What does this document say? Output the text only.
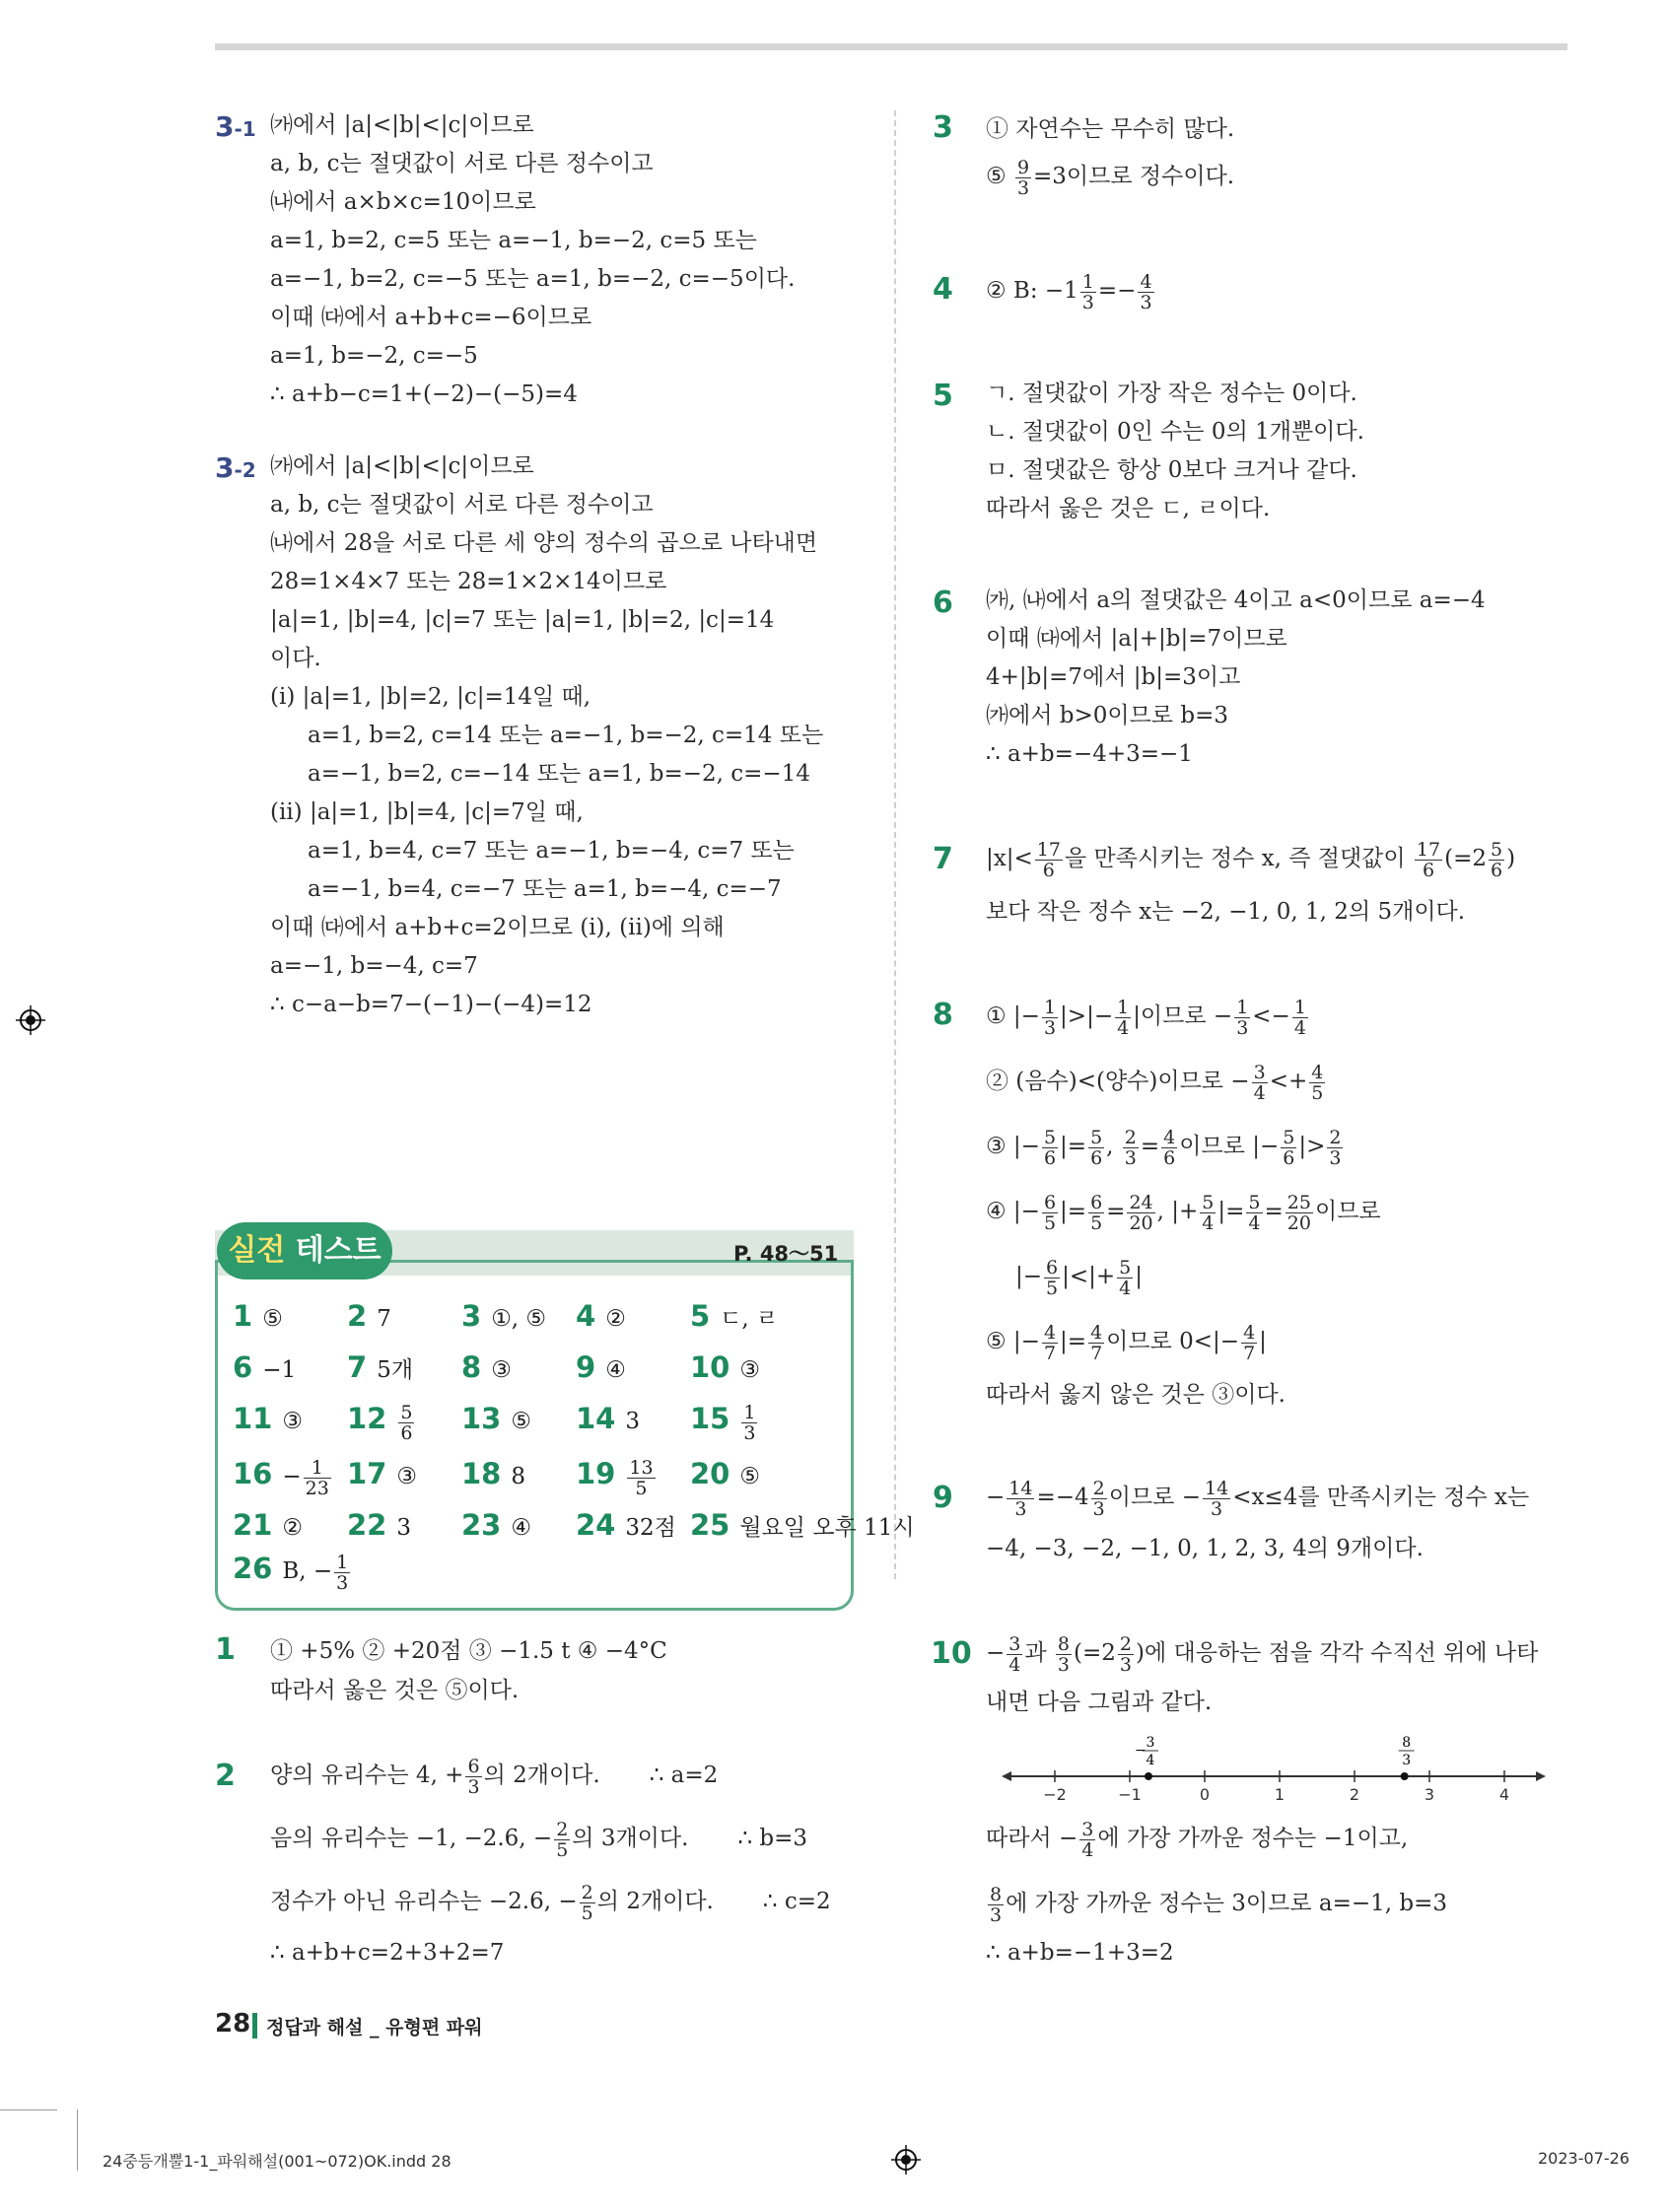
3-1 ㈎에서 |a|<|b|<|c|이므로
a, b, c는 절댓값이 서로 다른 정수이고
㈏에서 a×b×c=10이므로
a=1, b=2, c=5 또는 a=−1, b=−2, c=5 또는
a=−1, b=2, c=−5 또는 a=1, b=−2, c=−5이다.
이때 ㈐에서 a+b+c=−6이므로
a=1, b=−2, c=−5
∴ a+b−c=1+(−2)−(−5)=4
3-2 ㈎에서 |a|<|b|<|c|이므로
a, b, c는 절댓값이 서로 다른 정수이고
㈏에서 28을 서로 다른 세 양의 정수의 곱으로 나타내면
28=1×4×7 또는 28=1×2×14이므로
|a|=1, |b|=4, |c|=7 또는 |a|=1, |b|=2, |c|=14
이다.
(i) |a|=1, |b|=2, |c|=14일 때,
a=1, b=2, c=14 또는 a=−1, b=−2, c=14 또는
a=−1, b=2, c=−14 또는 a=1, b=−2, c=−14
(ii) |a|=1, |b|=4, |c|=7일 때,
a=1, b=4, c=7 또는 a=−1, b=−4, c=7 또는
a=−1, b=4, c=−7 또는 a=1, b=−4, c=−7
이때 ㈐에서 a+b+c=2이므로 (i), (ii)에 의해
a=−1, b=−4, c=7
∴ c−a−b=7−(−1)−(−4)=12
실전 테스트	P. 48～51
1 ⑤ 2 7 3 ①, ⑤ 4 ② 5 ㄷ, ㄹ
6 −1 7 5개 8 ③ 9 ④ 10 ③
11 ③ $12 \frac{5}{6} 13$ ⑤ 14 3 $15 \frac{1}{3}$
$16 - \frac{1}{23} 17$ ③ 18 8 $19 \frac{13}{5} 20$ ⑤
21 ② 22 3 23 ④ 24 32점 25 월요일 오후 11시
26 B, − $\frac{1}{3}$
1 ① +5% ② +20점 ③ −1.5 t ④ −4°C
따라서 옳은 것은 ⑤이다.
2 양의 유리수는 4, + $\frac{6}{3}$ 의 2개이다. ∴ a=2
음의 유리수는 −1, −2.6, − $\frac{2}{5}$ 의 3개이다. ∴ b=3
정수가 아닌 유리수는 −2.6, − $\frac{2}{5}$ 의 2개이다. ∴ c=2
∴ a+b+c=2+3+2=7
3 ① 자연수는 무수히 많다.
⑤ $\frac{9}{3} =3$이므로 정수이다.
4 ② B: $-1 \frac{1}{3} =- \frac{4}{3}$
5 ㄱ. 절댓값이 가장 작은 정수는 0이다.
ㄴ. 절댓값이 0인 수는 0의 1개뿐이다.
ㅁ. 절댓값은 항상 0보다 크거나 같다.
따라서 옳은 것은 ㄷ, ㄹ이다.
6 ㈎, ㈏에서 a의 절댓값은 4이고 a<0이므로 a=−4
이때 ㈐에서 |a|+|b|=7이므로
4+|b|=7에서 |b|=3이고
㈎에서 b>0이므로 b=3
∴ a+b=−4+3=−1
7 $|x|< \frac{17}{6}$ 을 만족시키는 정수 x, 즉 절댓값이 $\frac{17}{6} (=2 \frac{5}{6}$ )
보다 작은 정수 x는 −2, −1, 0, 1, 2의 5개이다.
8 ① |− $\frac{1}{3}$ |>|− $\frac{1}{4}$ |이므로 − $\frac{1}{3} <- \frac{1}{4}$
② (음수)<(양수)이므로 − $\frac{3}{4} <+ \frac{4}{5}$
③ |− $\frac{5}{6}$ |= $\frac{5}{6}$ , $\frac{2}{3} = \frac{4}{6}$ 이므로 |− $\frac{5}{6}$ |> $\frac{2}{3}$
④ |− $\frac{6}{5}$ |= $\frac{6}{5} = \frac{24}{20}$ , |+ $\frac{5}{4}$ |= $\frac{5}{4} = \frac{25}{20}$ 이므로
|− $\frac{6}{5}$ |<|+ $\frac{5}{4}$ |
⑤ |− $\frac{4}{7}$ |= $\frac{4}{7}$ 이므로 $0<|- \frac{4}{7}$ |
따라서 옳지 않은 것은 ③이다.
$9 - \frac{14}{3} =-4 \frac{2}{3}$ 이므로 − $\frac{14}{3} <x\le 4$를 만족시키는 정수 x는
−4, −3, −2, −1, 0, 1, 2, 3, 4의 9개이다.
$10 - \frac{3}{4}$ 과 $\frac{8}{3} (=2 \frac{2}{3}$ )에 대응하는 점을 각각 수직선 위에 나타
내면 다음 그림과 같다.
−2	−1	0	1	2	3	4
3
4
−	8
3
따라서 − $\frac{3}{4}$ 에 가장 가까운 정수는 −1이고,
$\frac{8}{3}$ 에 가장 가까운 정수는 3이므로 a=−1, b=3
∴ a+b=−1+3=2
28 정답과 해설 _ 유형편 파워
24중등개뿔1-1_파워해설(001~072)OK.indd 28	2023-07-26
